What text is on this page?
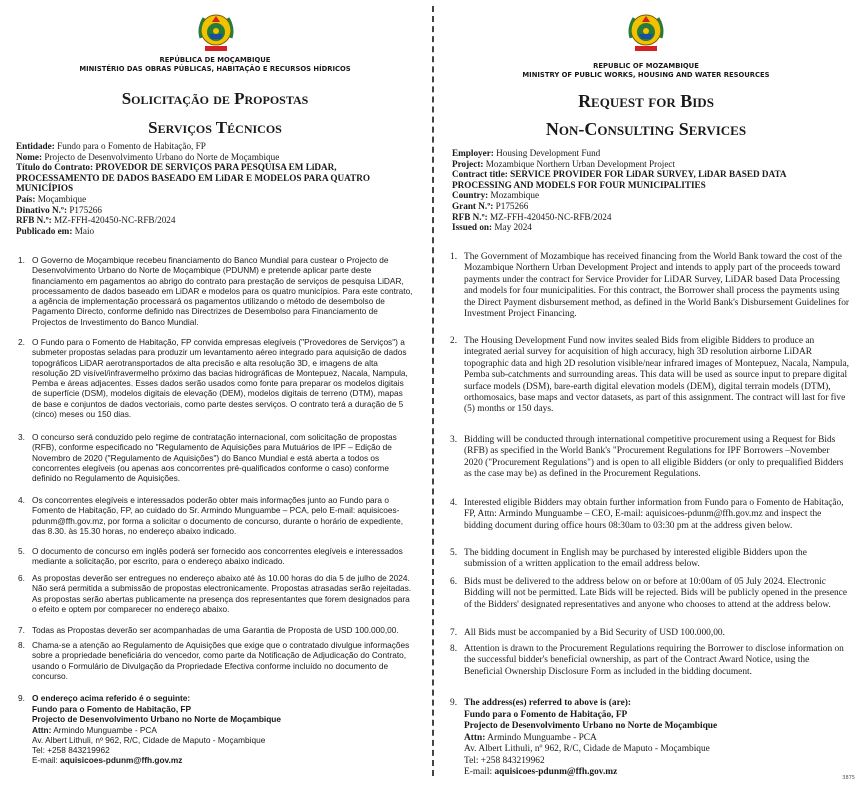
REPÚBLICA DE MOÇAMBIQUE
MINISTÉRIO DAS OBRAS PÚBLICAS, HABITAÇÃO E RECURSOS HÍDRICOS
Solicitação de Propostas
Serviços Técnicos
Entidade: Fundo para o Fomento de Habitação, FP
Nome: Projecto de Desenvolvimento Urbano do Norte de Moçambique
Título do Contrato: PROVEDOR DE SERVIÇOS PARA PESQUISA EM LiDAR, PROCESSAMENTO DE DADOS BASEADO EM LiDAR E MODELOS PARA QUATRO MUNICÍPIOS
País: Moçambique
Dinativo N.º: P175266
RFB N.º: MZ-FFH-420450-NC-RFB/2024
Publicado em: Maio
1. O Governo de Moçambique recebeu financiamento do Banco Mundial para custear o Projecto de Desenvolvimento Urbano do Norte de Moçambique (PDUNM) e pretende aplicar parte deste financiamento em pagamentos ao abrigo do contrato para prestação de serviços de pesquisa LiDAR, processamento de dados baseado em LiDAR e modelos para os quatro municípios. Para este contrato, a agência de implementação processará os pagamentos utilizando o método de desembolso de Pagamento Directo, conforme definido nas Directrizes de Desembolso para Financiamento de Projectos de Investimento do Banco Mundial.
2. O Fundo para o Fomento de Habitação, FP convida empresas elegíveis ("Provedores de Serviços") a submeter propostas seladas para produzir um levantamento aéreo integrado para aquisição de dados topográficos LiDAR aerotransportados de alta precisão e alta resolução 3D, e imagens de alta resolução 2D visível/infravermelho próximo das bacias hidrográficas de Montepuez, Nacala, Nampula, Pemba e áreas adjacentes. Esses dados serão usados como fonte para preparar os modelos digitais de superfície (DSM), modelos digitais de elevação (DEM), modelos digitais de terreno (DTM), mapas de base e conjuntos de dados vectoriais, como parte destes serviços. O contrato terá a duração de 5 (cinco) meses ou 150 dias.
3. O concurso será conduzido pelo regime de contratação internacional, com solicitação de propostas (RFB), conforme especificado no "Regulamento de Aquisições para Mutuários de IPF – Edição de Novembro de 2020 ("Regulamento de Aquisições") do Banco Mundial e está aberta a todos os concorrentes elegíveis (ou apenas aos concorrentes pré-qualificados conforme o caso) conforme definido no Regulamento de Aquisições.
4. Os concorrentes elegíveis e interessados poderão obter mais informações junto ao Fundo para o Fomento de Habitação, FP, ao cuidado do Sr. Armindo Munguambe – PCA, pelo E-mail: aquisicoes-pdunm@ffh.gov.mz, por forma a solicitar o documento de concurso, durante o horário de expediente, das 8.30. às 15.30 horas, no endereço abaixo indicado.
5. O documento de concurso em inglês poderá ser fornecido aos concorrentes elegíveis e interessados mediante a solicitação, por escrito, para o endereço abaixo indicado.
6. As propostas deverão ser entregues no endereço abaixo até às 10.00 horas do dia 5 de julho de 2024. Não será permitida a submissão de propostas electronicamente. Propostas atrasadas serão rejeitadas. As propostas serão abertas publicamente na presença dos representantes que forem designados para o efeito e optem por comparecer no endereço abaixo.
7. Todas as Propostas deverão ser acompanhadas de uma Garantia de Proposta de USD 100.000,00.
8. Chama-se a atenção ao Regulamento de Aquisições que exige que o contratado divulgue informações sobre a propriedade beneficiária do vencedor, como parte da Notificação de Adjudicação do Contrato, usando o Formulário de Divulgação da Propriedade Efectiva conforme incluído no documento de concurso.
9. O endereço acima referido é o seguinte:
Fundo para o Fomento de Habitação, FP
Projecto de Desenvolvimento Urbano no Norte de Moçambique
Attn: Armindo Munguambe - PCA
Av. Albert Lithuli, nº 962, R/C, Cidade de Maputo - Moçambique
Tel: +258 843219962
E-mail: aquisicoes-pdunm@ffh.gov.mz
REPUBLIC OF MOZAMBIQUE
MINISTRY OF PUBLIC WORKS, HOUSING AND WATER RESOURCES
Request for Bids
Non-Consulting Services
Employer: Housing Development Fund
Project: Mozambique Northern Urban Development Project
Contract title: SERVICE PROVIDER FOR LiDAR SURVEY, LiDAR BASED DATA PROCESSING AND MODELS FOR FOUR MUNICIPALITIES
Country: Mozambique
Grant N.º: P175266
RFB N.º: MZ-FFH-420450-NC-RFB/2024
Issued on: May 2024
1. The Government of Mozambique has received financing from the World Bank toward the cost of the Mozambique Northern Urban Development Project and intends to apply part of the proceeds toward payments under the contract for Service Provider for LiDAR Survey, LiDAR based Data Processing and models for four municipalities. For this contract, the Borrower shall process the payments using the Direct Payment disbursement method, as defined in the World Bank's Disbursement Guidelines for Investment Project Financing.
2. The Housing Development Fund now invites sealed Bids from eligible Bidders to produce an integrated aerial survey for acquisition of high accuracy, high 3D resolution airborne LiDAR topographic data and high 2D resolution visible/near infrared images of Montepuez, Nacala, Nampula, Pemba sub-catchments and surrounding areas. This data will be used as source input to prepare digital surface models (DSM), bare-earth digital elevation models (DEM), digital terrain models (DTM), orthomosaics, base maps and vector datasets, as part of this assignment. The contract will last for five (5) months or 150 days.
3. Bidding will be conducted through international competitive procurement using a Request for Bids (RFB) as specified in the World Bank's "Procurement Regulations for IPF Borrowers –November 2020 ("Procurement Regulations") and is open to all eligible Bidders (or only to prequalified Bidders as the case may be) as defined in the Procurement Regulations.
4. Interested eligible Bidders may obtain further information from Fundo para o Fomento de Habitação, FP, Attn: Armindo Munguambe – CEO, E-mail: aquisicoes-pdunm@ffh.gov.mz and inspect the bidding document during office hours 08:30am to 03:30 pm at the address given below.
5. The bidding document in English may be purchased by interested eligible Bidders upon the submission of a written application to the email address below.
6. Bids must be delivered to the address below on or before at 10:00am of 05 July 2024. Electronic Bidding will not be permitted. Late Bids will be rejected. Bids will be publicly opened in the presence of the Bidders' designated representatives and anyone who chooses to attend at the address below.
7. All Bids must be accompanied by a Bid Security of USD 100.000,00.
8. Attention is drawn to the Procurement Regulations requiring the Borrower to disclose information on the successful bidder's beneficial ownership, as part of the Contract Award Notice, using the Beneficial Ownership Disclosure Form as included in the bidding document.
9. The address(es) referred to above is (are):
Fundo para o Fomento de Habitação, FP
Projecto de Desenvolvimento Urbano no Norte de Moçambique
Attn: Armindo Munguambe - PCA
Av. Albert Lithuli, nº 962, R/C, Cidade de Maputo - Moçambique
Tel: +258 843219962
E-mail: aquisicoes-pdunm@ffh.gov.mz
3875
